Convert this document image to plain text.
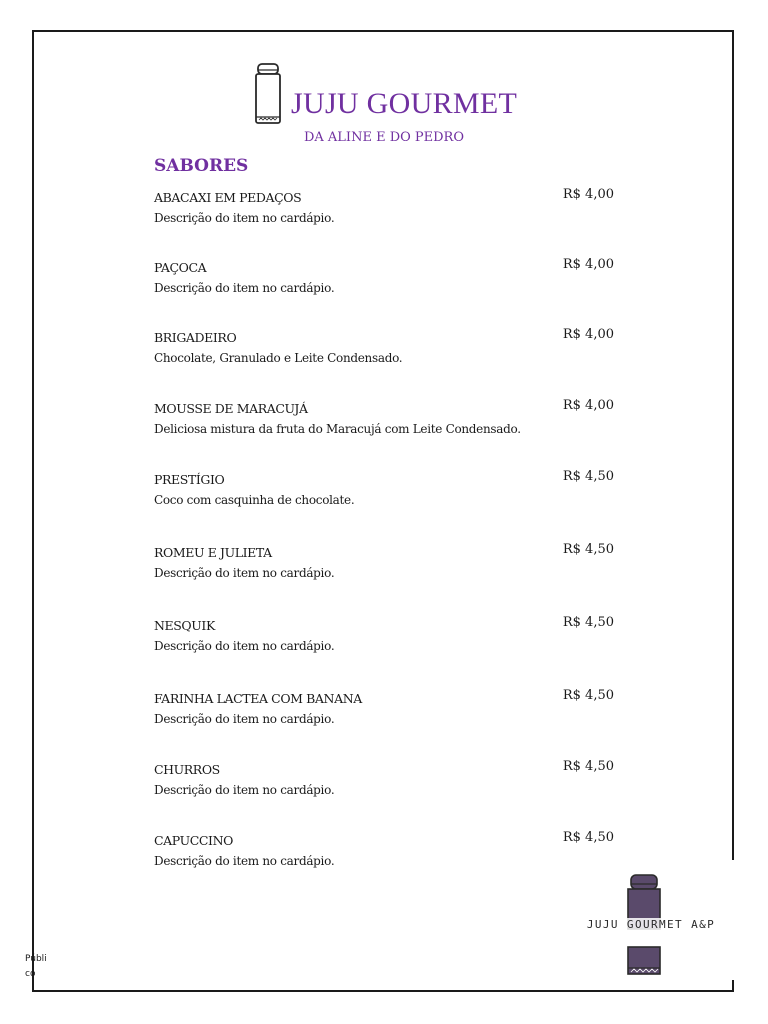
JUJU GOURMET
DA ALINE E DO PEDRO
SABORES
ABACAXI EM PEDAÇOS	R$ 4,00
Descrição do item no cardápio.
PAÇOCA	R$ 4,00
Descrição do item no cardápio.
BRIGADEIRO	R$ 4,00
Chocolate, Granulado e Leite Condensado.
MOUSSE DE MARACUJÁ	R$ 4,00
Deliciosa mistura da fruta do Maracujá com Leite Condensado.
PRESTÍGIO	R$ 4,50
Coco com casquinha de chocolate.
ROMEU E JULIETA	R$ 4,50
Descrição do item no cardápio.
NESQUIK	R$ 4,50
Descrição do item no cardápio.
FARINHA LACTEA COM BANANA	R$ 4,50
Descrição do item no cardápio.
CHURROS	R$ 4,50
Descrição do item no cardápio.
CAPUCCINO	R$ 4,50
Descrição do item no cardápio.
JUJU GOURMET A&P
Público
